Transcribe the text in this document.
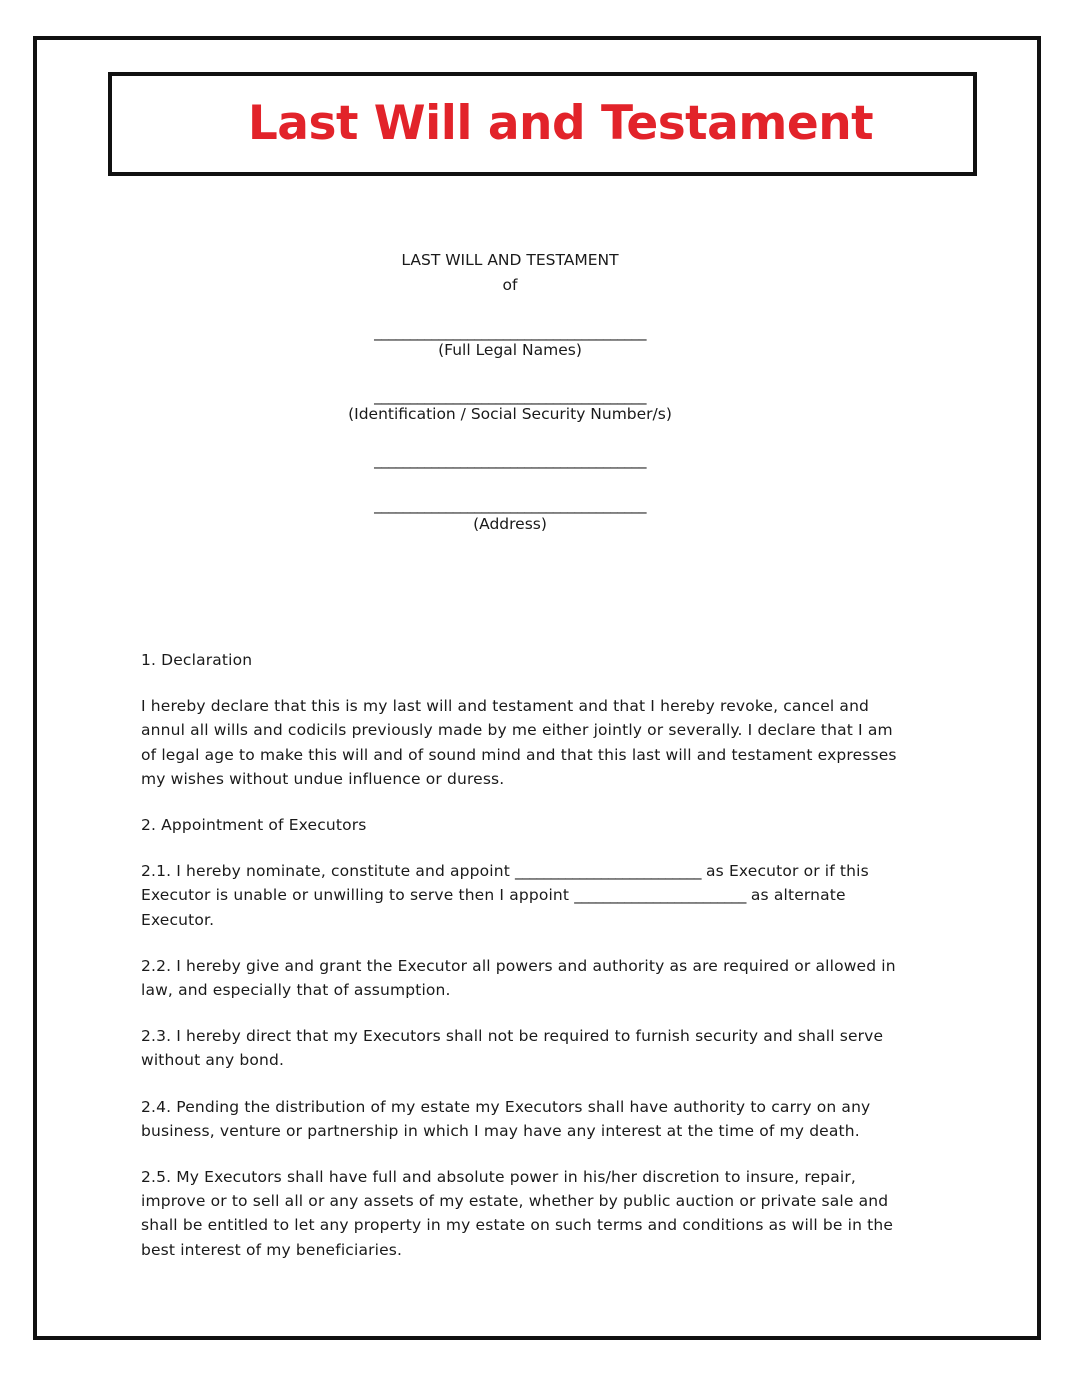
Last Will and Testament
LAST WILL AND TESTAMENT
of
______________________________________
(Full Legal Names)
______________________________________
(Identification / Social Security Number/s)
______________________________________
______________________________________
(Address)

1. Declaration

I hereby declare that this is my last will and testament and that I hereby revoke, cancel and annul all wills and codicils previously made by me either jointly or severally. I declare that I am of legal age to make this will and of sound mind and that this last will and testament expresses my wishes without undue influence or duress.

2. Appointment of Executors

2.1. I hereby nominate, constitute and appoint __________________________ as Executor or if this Executor is unable or unwilling to serve then I appoint ________________________ as alternate Executor.

2.2. I hereby give and grant the Executor all powers and authority as are required or allowed in law, and especially that of assumption.

2.3. I hereby direct that my Executors shall not be required to furnish security and shall serve without any bond.

2.4. Pending the distribution of my estate my Executors shall have authority to carry on any business, venture or partnership in which I may have any interest at the time of my death.

2.5. My Executors shall have full and absolute power in his/her discretion to insure, repair, improve or to sell all or any assets of my estate, whether by public auction or private sale and shall be entitled to let any property in my estate on such terms and conditions as will be in the best interest of my beneficiaries.
